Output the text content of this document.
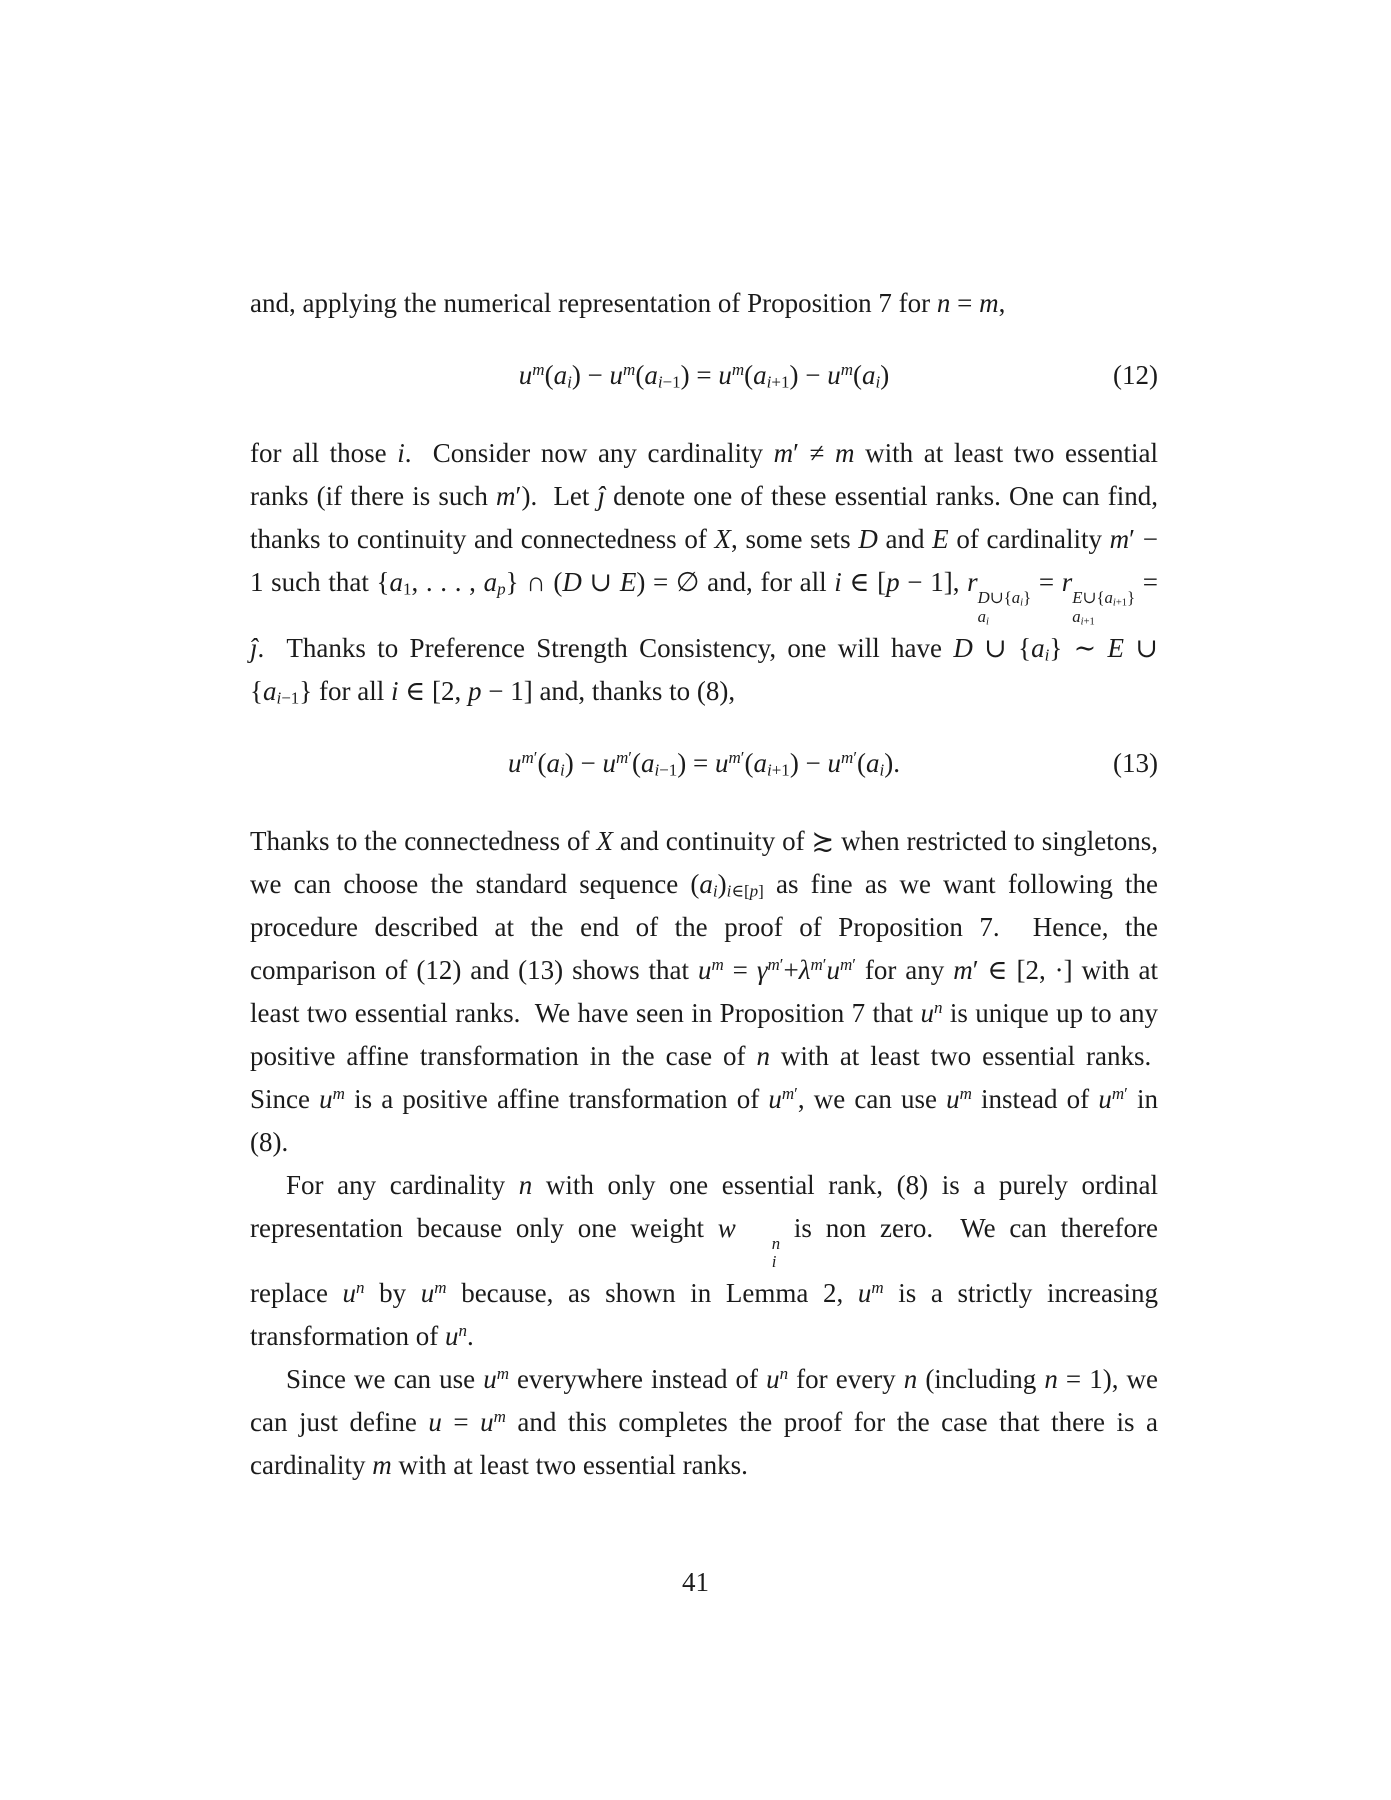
and, applying the numerical representation of Proposition 7 for n = m,

$u^m(a_i) - u^m(a_{i-1}) = u^m(a_{i+1}) - u^m(a_i)$	(12)

for all those i.  Consider now any cardinality m′ ≠ m with at least two essential ranks (if there is such m′).  Let ĵ denote one of these essential ranks. One can find, thanks to continuity and connectedness of X, some sets D and E of cardinality m′ − 1 such that {$a_1$, . . . , $a_p$} ∩ (D ∪ E) = ∅ and, for all i ∈ [p − 1], r
$D\cup\{a_i\}$
$a_i$
= r
$E\cup\{a_{i+1}\}$
$a_{i+1}$
= ĵ.  Thanks to Preference Strength Consistency, one will have D ∪ $\{a_i\}$ ∼ E ∪ $\{a_{i-1}\}$ for all i ∈ [2, p − 1] and, thanks to (8),

$u^{m'}(a_i) - u^{m'}(a_{i-1}) = u^{m'}(a_{i+1}) - u^{m'}(a_i)$.	(13)

Thanks to the connectedness of X and continuity of ≿ when restricted to singletons, we can choose the standard sequence $(a_i)_{i\in[p]}$ as fine as we want following the procedure described at the end of the proof of Proposition 7.  Hence, the comparison of (12) and (13) shows that $u^m = \gamma^{m'}+\lambda^{m'}u^{m'}$ for any m′ ∈ [2, ·] with at least two essential ranks.  We have seen in Proposition 7 that $u^n$ is unique up to any positive affine transformation in the case of n with at least two essential ranks.  Since $u^m$ is a positive affine transformation of $u^{m'}$, we can use $u^m$ instead of $u^{m'}$ in (8).

For any cardinality n with only one essential rank, (8) is a purely ordinal representation because only one weight w
n
i
is non zero.  We can therefore replace $u^n$ by $u^m$ because, as shown in Lemma 2, $u^m$ is a strictly increasing transformation of $u^n$.

Since we can use $u^m$ everywhere instead of $u^n$ for every n (including n = 1), we can just define $u = u^m$ and this completes the proof for the case that there is a cardinality m with at least two essential ranks.

41
